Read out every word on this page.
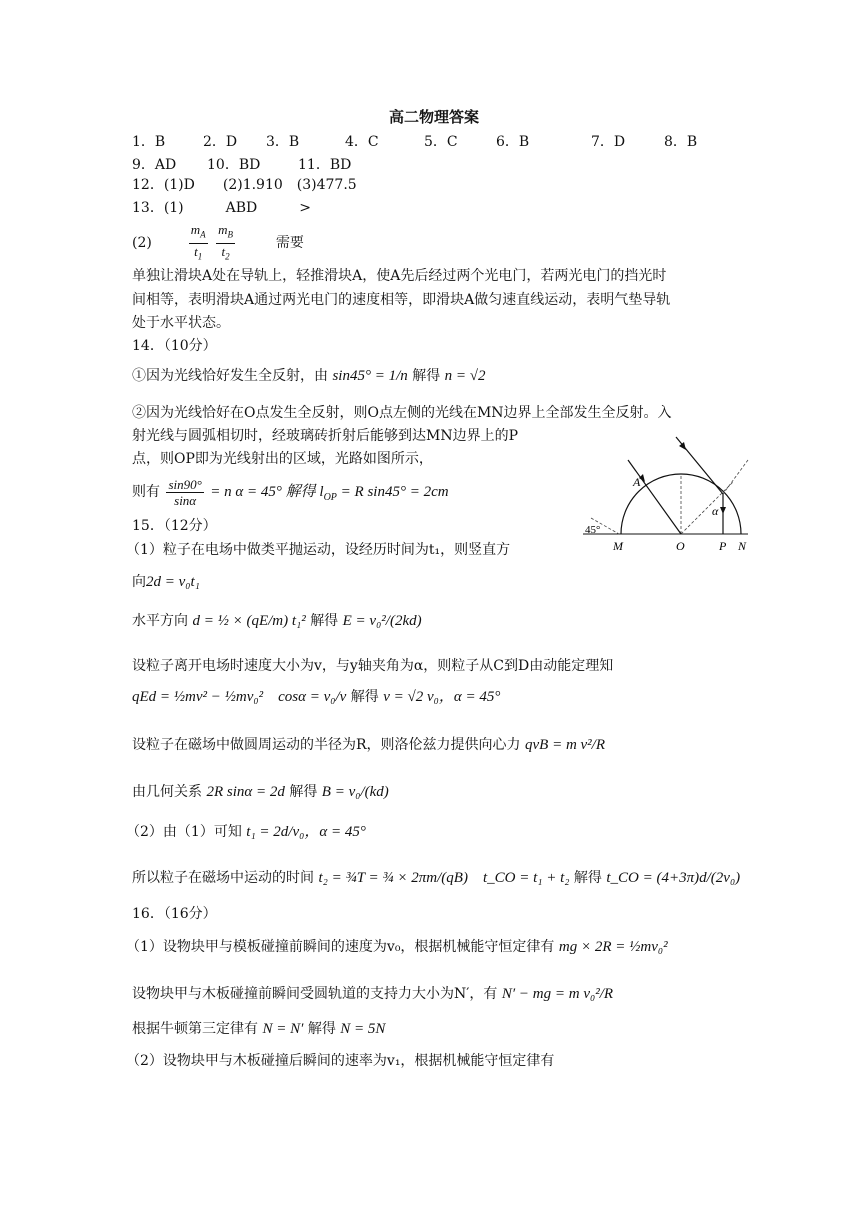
高二物理答案
1．B	2．D 3．B	4．C	5．C	6．B	7．D	8．B
9．AD 10．BD	11．BD
12．(1)D　　(2)1.910　(3)477.5
13．(1)　　　ABD　　　>
(2)	$\frac{m_A}{t_1}$
$\frac{m_B}{t_2}$	需要
单独让滑块A处在导轨上，轻推滑块A，使A先后经过两个光电门，若两光电门的挡光时
间相等，表明滑块A通过两光电门的速度相等，即滑块A做匀速直线运动，表明气垫导轨
处于水平状态。
14．（10分）
①因为光线恰好发生全反射，由 sin45° = 1/n 解得 n = √2
②因为光线恰好在O点发生全反射，则O点左侧的光线在MN边界上全部发生全反射。入
射光线与圆弧相切时，经玻璃砖折射后能够到达MN边界上的P
点，则OP即为光线射出的区域，光路如图所示，
则有 $\frac{\sin 90^\circ}{\sin\alpha} = n$ α = 45° 解得 $l_{OP} = R$ sin45° = 2cm
15．（12分）
（1）粒子在电场中做类平抛运动，设经历时间为t₁，则竖直方
向2d = v₀t₁
水平方向 d = ½ × (qE/m) t₁² 解得 E = v₀²/(2kd)
设粒子离开电场时速度大小为v，与y轴夹角为α，则粒子从C到D由动能定理知
qEd = ½mv² − ½mv₀²　cosα = v₀/v 解得 v = √2 v₀，α = 45°
设粒子在磁场中做圆周运动的半径为R，则洛伦兹力提供向心力 qvB = m v²/R
由几何关系 2R sinα = 2d 解得 B = v₀/(kd)
（2）由（1）可知 t₁ = 2d/v₀，α = 45°
所以粒子在磁场中运动的时间 t₂ = ¾T = ¾ × 2πm/(qB)　t_CO = t₁ + t₂ 解得 t_CO = (4+3π)d/(2v₀)
16．（16分）
（1）设物块甲与模板碰撞前瞬间的速度为v₀，根据机械能守恒定律有 mg × 2R = ½mv₀²
设物块甲与木板碰撞前瞬间受圆轨道的支持力大小为N′，有 N′ − mg = m v₀²/R
根据牛顿第三定律有 N = N′ 解得 N = 5N
（2）设物块甲与木板碰撞后瞬间的速率为v₁，根据机械能守恒定律有
A
α
45°
M	O	P N
